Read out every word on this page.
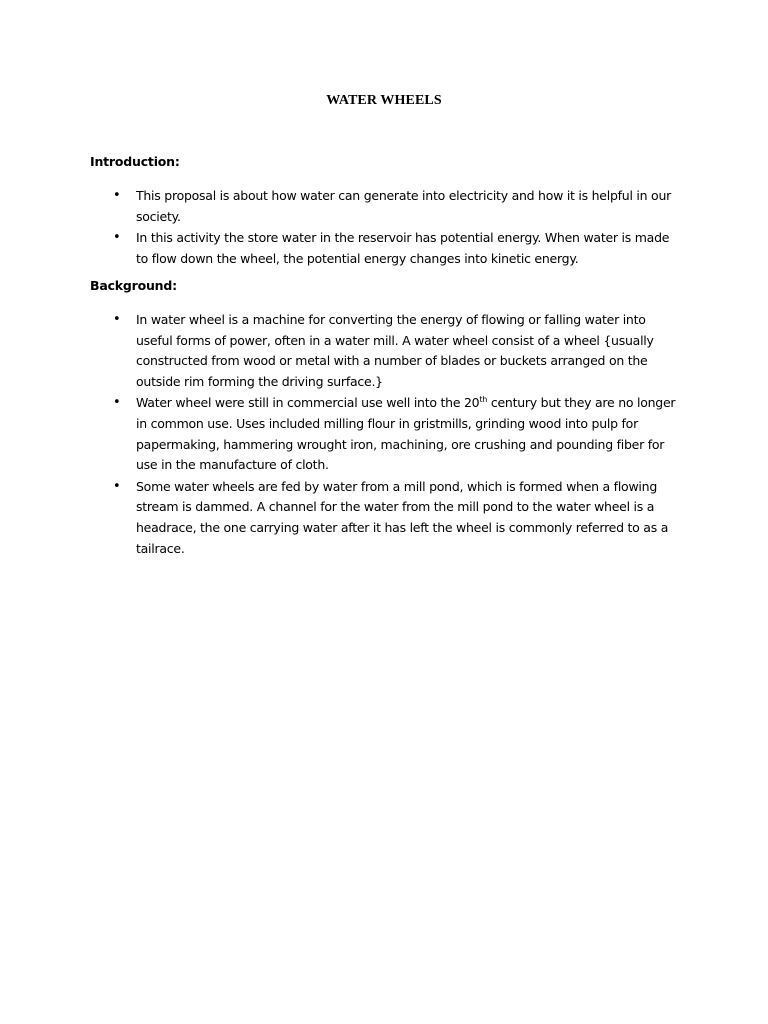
WATER WHEELS
Introduction:
• This proposal is about how water can generate into electricity and how it is helpful in our society.
• In this activity the store water in the reservoir has potential energy. When water is made to flow down the wheel, the potential energy changes into kinetic energy.
Background:
• In water wheel is a machine for converting the energy of flowing or falling water into useful forms of power, often in a water mill. A water wheel consist of a wheel {usually constructed from wood or metal with a number of blades or buckets arranged on the outside rim forming the driving surface.}
• Water wheel were still in commercial use well into the 20th century but they are no longer in common use. Uses included milling flour in gristmills, grinding wood into pulp for papermaking, hammering wrought iron, machining, ore crushing and pounding fiber for use in the manufacture of cloth.
• Some water wheels are fed by water from a mill pond, which is formed when a flowing stream is dammed. A channel for the water from the mill pond to the water wheel is a headrace, the one carrying water after it has left the wheel is commonly referred to as a tailrace.
